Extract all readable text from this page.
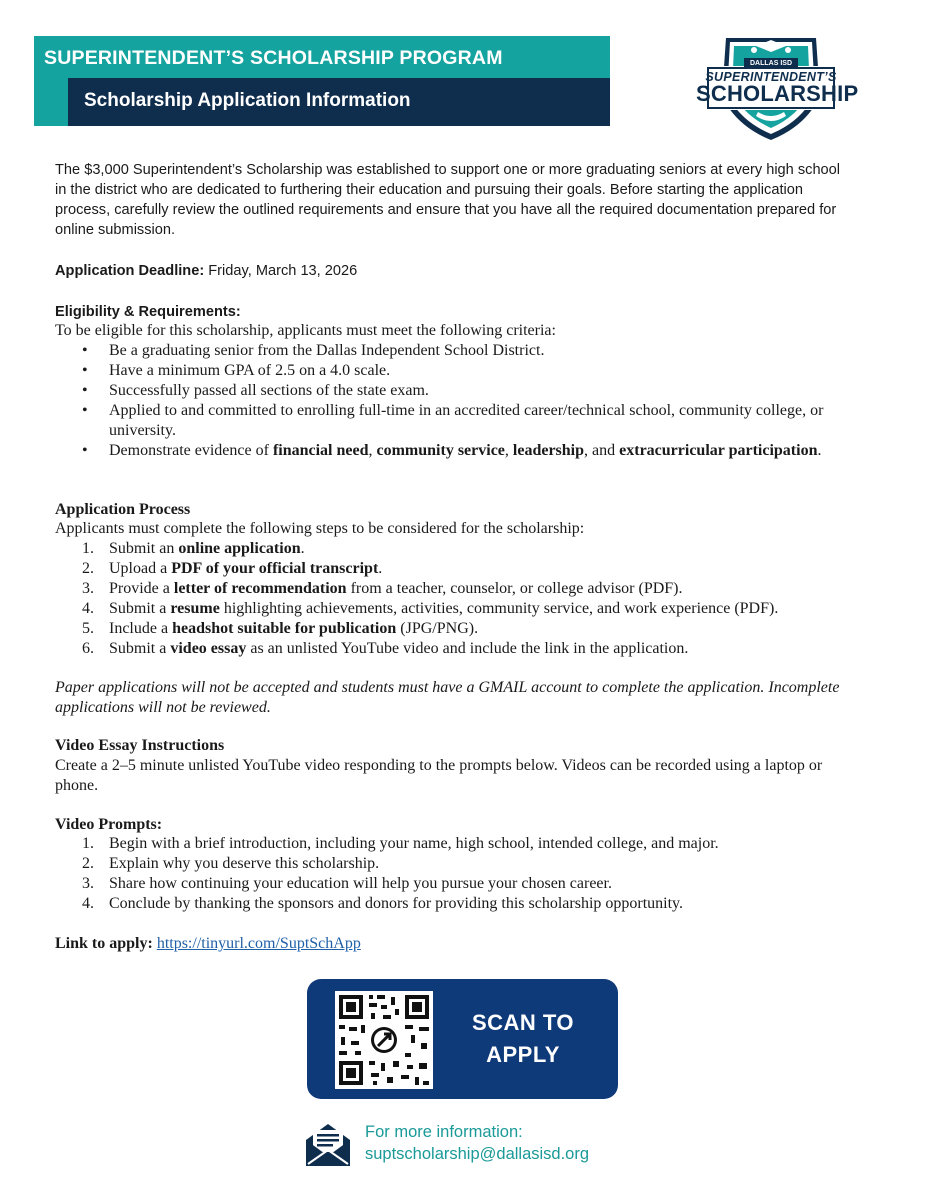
SUPERINTENDENT’S SCHOLARSHIP PROGRAM
Scholarship Application Information
DALLAS ISD
SUPERINTENDENT’S
SCHOLARSHIP
The $3,000 Superintendent’s Scholarship was established to support one or more graduating seniors at every high school in the district who are dedicated to furthering their education and pursuing their goals. Before starting the application process, carefully review the outlined requirements and ensure that you have all the required documentation prepared for online submission.
Application Deadline: Friday, March 13, 2026
Eligibility & Requirements:
To be eligible for this scholarship, applicants must meet the following criteria:
• Be a graduating senior from the Dallas Independent School District.
• Have a minimum GPA of 2.5 on a 4.0 scale.
• Successfully passed all sections of the state exam.
• Applied to and committed to enrolling full-time in an accredited career/technical school, community college, or university.
• Demonstrate evidence of financial need, community service, leadership, and extracurricular participation.
Application Process
Applicants must complete the following steps to be considered for the scholarship:
1. Submit an online application.
2. Upload a PDF of your official transcript.
3. Provide a letter of recommendation from a teacher, counselor, or college advisor (PDF).
4. Submit a resume highlighting achievements, activities, community service, and work experience (PDF).
5. Include a headshot suitable for publication (JPG/PNG).
6. Submit a video essay as an unlisted YouTube video and include the link in the application.
Paper applications will not be accepted and students must have a GMAIL account to complete the application. Incomplete applications will not be reviewed.
Video Essay Instructions
Create a 2–5 minute unlisted YouTube video responding to the prompts below. Videos can be recorded using a laptop or phone.
Video Prompts:
1. Begin with a brief introduction, including your name, high school, intended college, and major.
2. Explain why you deserve this scholarship.
3. Share how continuing your education will help you pursue your chosen career.
4. Conclude by thanking the sponsors and donors for providing this scholarship opportunity.
Link to apply: https://tinyurl.com/SuptSchApp
SCAN TO
APPLY
For more information:
suptscholarship@dallasisd.org
